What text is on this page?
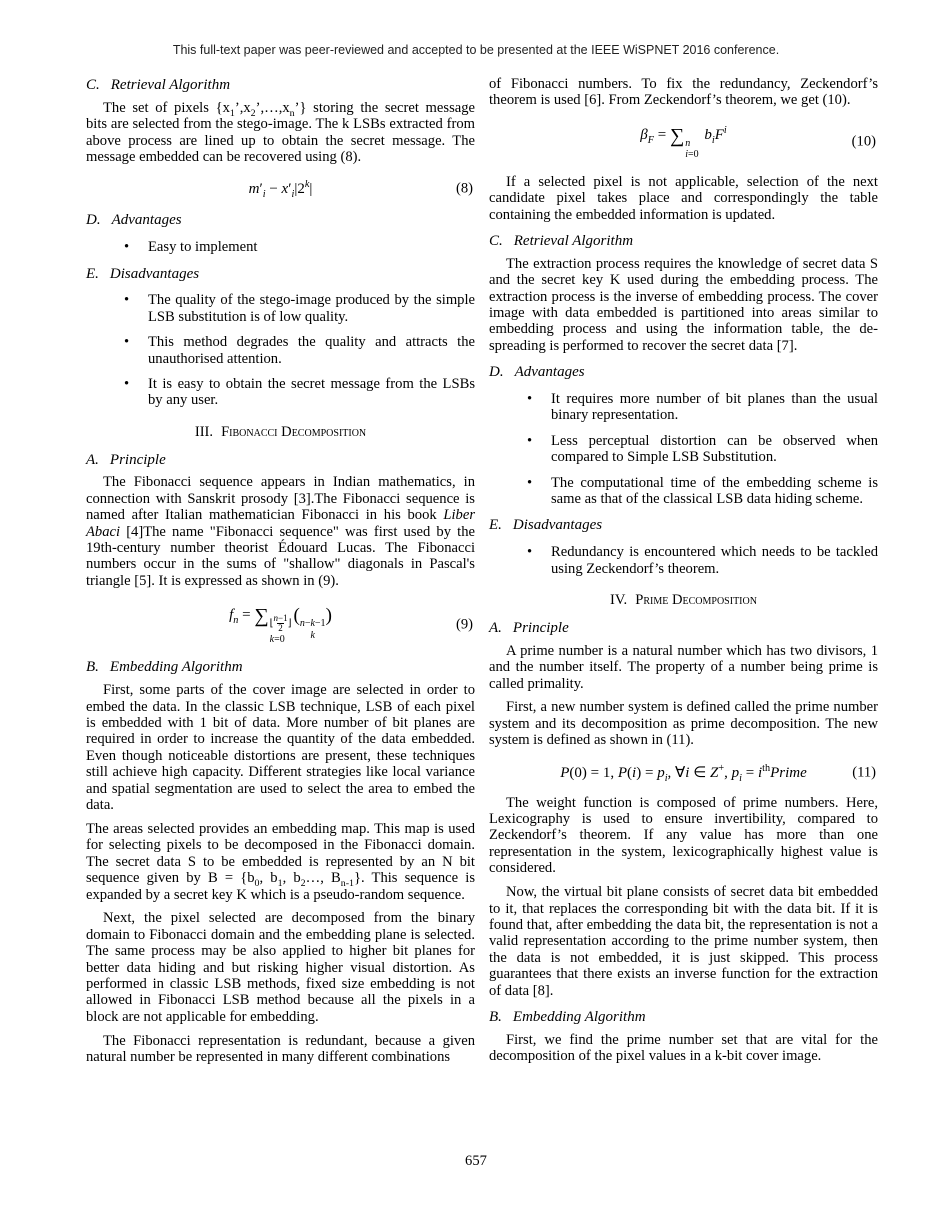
This full-text paper was peer-reviewed and accepted to be presented at the IEEE WiSPNET 2016 conference.
C. Retrieval Algorithm

The set of pixels $\{x_1’,x_2’,\dots,x_n’\}$ storing the secret message bits are selected from the stego-image. The k LSBs extracted from above process are lined up to obtain the secret message. The message embedded can be recovered using (8).

$m'_i - x'_i|2^k|$	(8)
D. Advantages
•	Easy to implement
E. Disadvantages
•	The quality of the stego-image produced by the simple LSB substitution is of low quality.
•	This method degrades the quality and attracts the unauthorised attention.
•	It is easy to obtain the secret message from the LSBs by any user.
III. Fibonacci Decomposition
A. Principle

The Fibonacci sequence appears in Indian mathematics, in connection with Sanskrit prosody [3].The Fibonacci sequence is named after Italian mathematician Fibonacci in his book Liber Abaci [4]The name "Fibonacci sequence" was first used by the 19th-century number theorist Édouard Lucas. The Fibonacci numbers occur in the sums of "shallow" diagonals in Pascal's triangle [5]. It is expressed as shown in (9).

$f_n$ = ∑ ⌊ $\frac{n-1}{2}$ ⌋
k=0
( n−k−1
k
)	(9)
B. Embedding Algorithm

First, some parts of the cover image are selected in order to embed the data. In the classic LSB technique, LSB of each pixel is embedded with 1 bit of data. More number of bit planes are required in order to increase the quantity of the data embedded. Even though noticeable distortions are present, these techniques still achieve high capacity. Different strategies like local variance and spatial segmentation are used to select the area to embed the data.

The areas selected provides an embedding map. This map is used for selecting pixels to be decomposed in the Fibonacci domain. The secret data S to be embedded is represented by an N bit sequence given by $B = \{b_0$, $b_1$, $b_2\dots$, $B_{n-1}$}. This sequence is expanded by a secret key K which is a pseudo-random sequence.

Next, the pixel selected are decomposed from the binary domain to Fibonacci domain and the embedding plane is selected. The same process may be also applied to higher bit planes for better data hiding and but risking higher visual distortion. As performed in classic LSB methods, fixed size embedding is not allowed in Fibonacci LSB method because all the pixels in a block are not applicable for embedding.

The Fibonacci representation is redundant, because a given natural number be represented in many different combinations

of Fibonacci numbers. To fix the redundancy, Zeckendorf’s theorem is used [6]. From Zeckendorf’s theorem, we get (10).

$\beta_F$ = ∑ n
i=0
$b_iF^i$
(10)

If a selected pixel is not applicable, selection of the next candidate pixel takes place and correspondingly the table containing the embedded information is updated.

C. Retrieval Algorithm

The extraction process requires the knowledge of secret data S and the secret key K used during the embedding process. The extraction process is the inverse of embedding process. The cover image with data embedded is partitioned into areas similar to embedding process and using the information table, the de-spreading is performed to recover the secret data [7].

D. Advantages
•	It requires more number of bit planes than the usual binary representation.
•	Less perceptual distortion can be observed when compared to Simple LSB Substitution.
•	The computational time of the embedding scheme is same as that of the classical LSB data hiding scheme.
E. Disadvantages
•	Redundancy is encountered which needs to be tackled using Zeckendorf’s theorem.
IV. Prime Decomposition
A. Principle

A prime number is a natural number which has two divisors, 1 and the number itself. The property of a number being prime is called primality.

First, a new number system is defined called the prime number system and its decomposition as prime decomposition. The new system is defined as shown in (11).

P(0) = 1, $P(i) = p_i$, ∀i ∈ Z+, $p_i$ = $i^{th}Prime$	(11)

The weight function is composed of prime numbers. Here, Lexicography is used to ensure invertibility, compared to Zeckendorf’s theorem. If any value has more than one representation in the system, lexicographically highest value is considered.

Now, the virtual bit plane consists of secret data bit embedded to it, that replaces the corresponding bit with the data bit. If it is found that, after embedding the data bit, the representation is not a valid representation according to the prime number system, then the data is not embedded, it is just skipped. This process guarantees that there exists an inverse function for the extraction of data [8].

B. Embedding Algorithm

First, we find the prime number set that are vital for the decomposition of the pixel values in a k-bit cover image.

657
